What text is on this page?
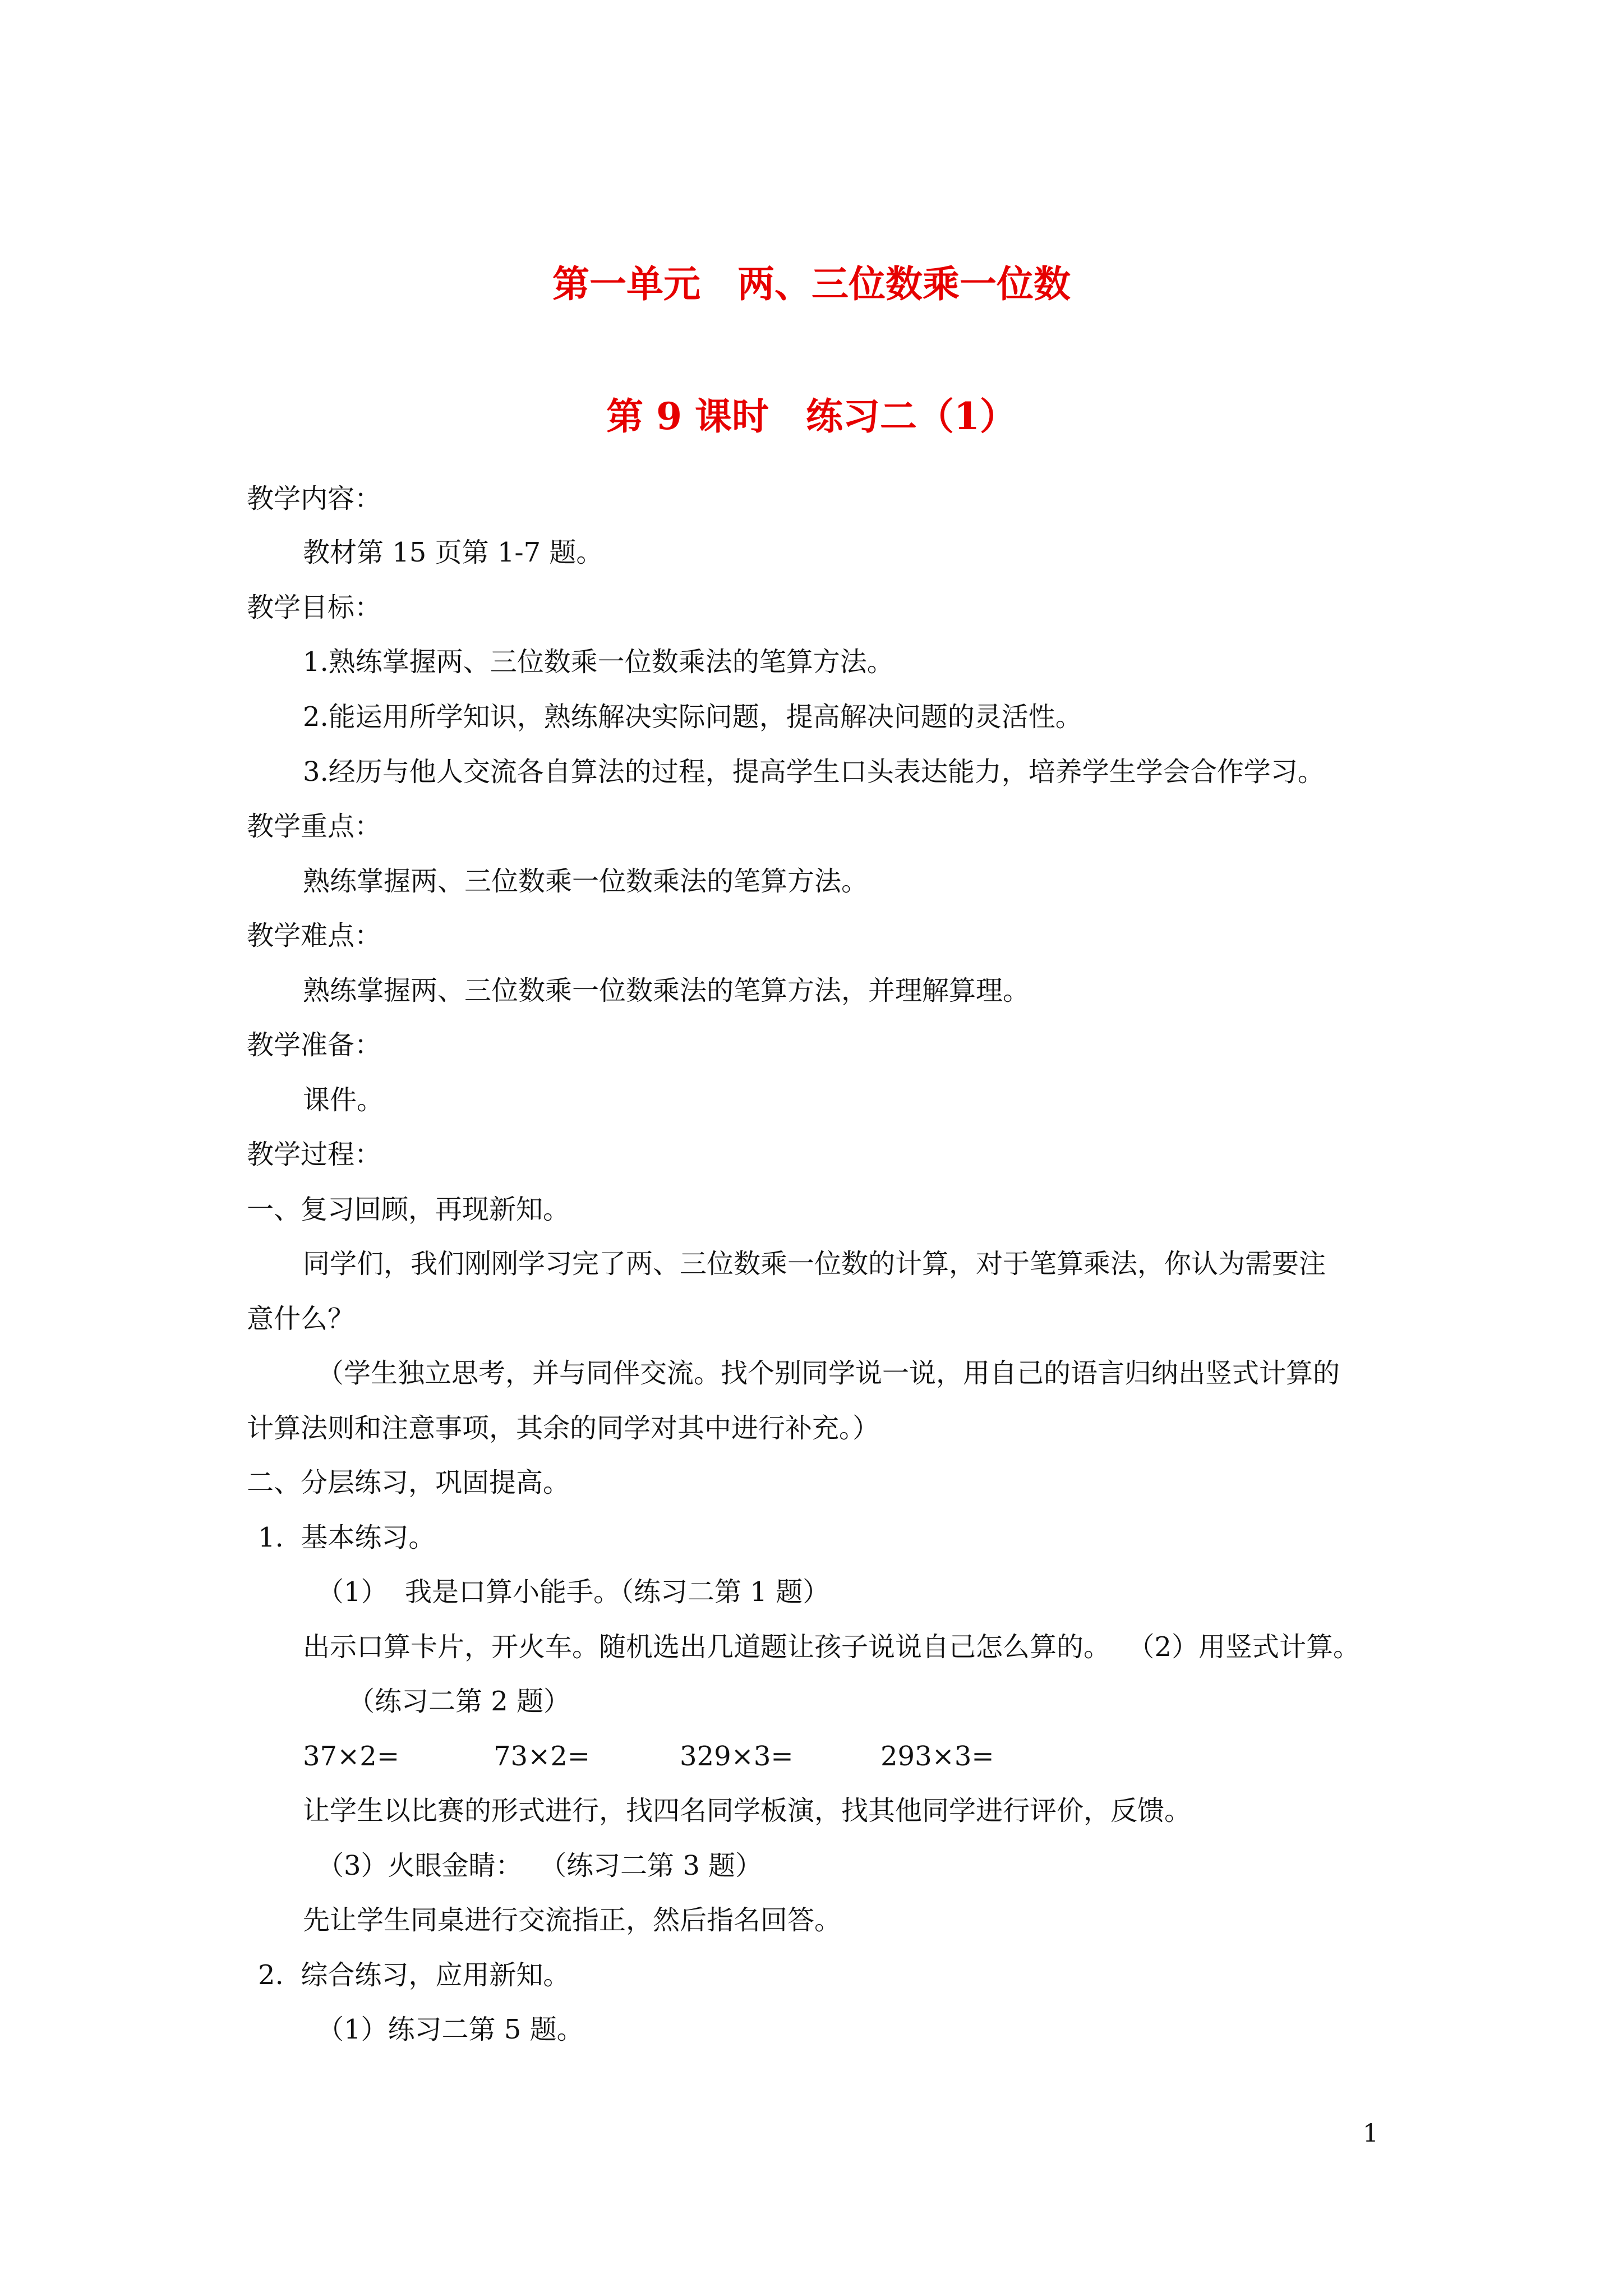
第一单元　两、三位数乘一位数
第 9 课时　练习二（1）
教学内容：
教材第 15 页第 1-7 题。
教学目标：
1.熟练掌握两、三位数乘一位数乘法的笔算方法。
2.能运用所学知识，熟练解决实际问题，提高解决问题的灵活性。
3.经历与他人交流各自算法的过程，提高学生口头表达能力，培养学生学会合作学习。
教学重点：
熟练掌握两、三位数乘一位数乘法的笔算方法。
教学难点：
熟练掌握两、三位数乘一位数乘法的笔算方法，并理解算理。
教学准备：
课件。
教学过程：
一、复习回顾，再现新知。
同学们，我们刚刚学习完了两、三位数乘一位数的计算，对于笔算乘法，你认为需要注
意什么？
（学生独立思考，并与同伴交流。找个别同学说一说，用自己的语言归纳出竖式计算的
计算法则和注意事项，其余的同学对其中进行补充。）
二、分层练习，巩固提高。
1.  基本练习。
（1）  我是口算小能手。（练习二第 1 题）
出示口算卡片，开火车。随机选出几道题让孩子说说自己怎么算的。  （2）用竖式计算。
（练习二第 2 题）
37×2=	73×2=	329×3=	293×3=
让学生以比赛的形式进行，找四名同学板演，找其他同学进行评价，反馈。
（3）火眼金睛：  （练习二第 3 题）
先让学生同桌进行交流指正，然后指名回答。
2.  综合练习，应用新知。
（1）练习二第 5 题。
1
